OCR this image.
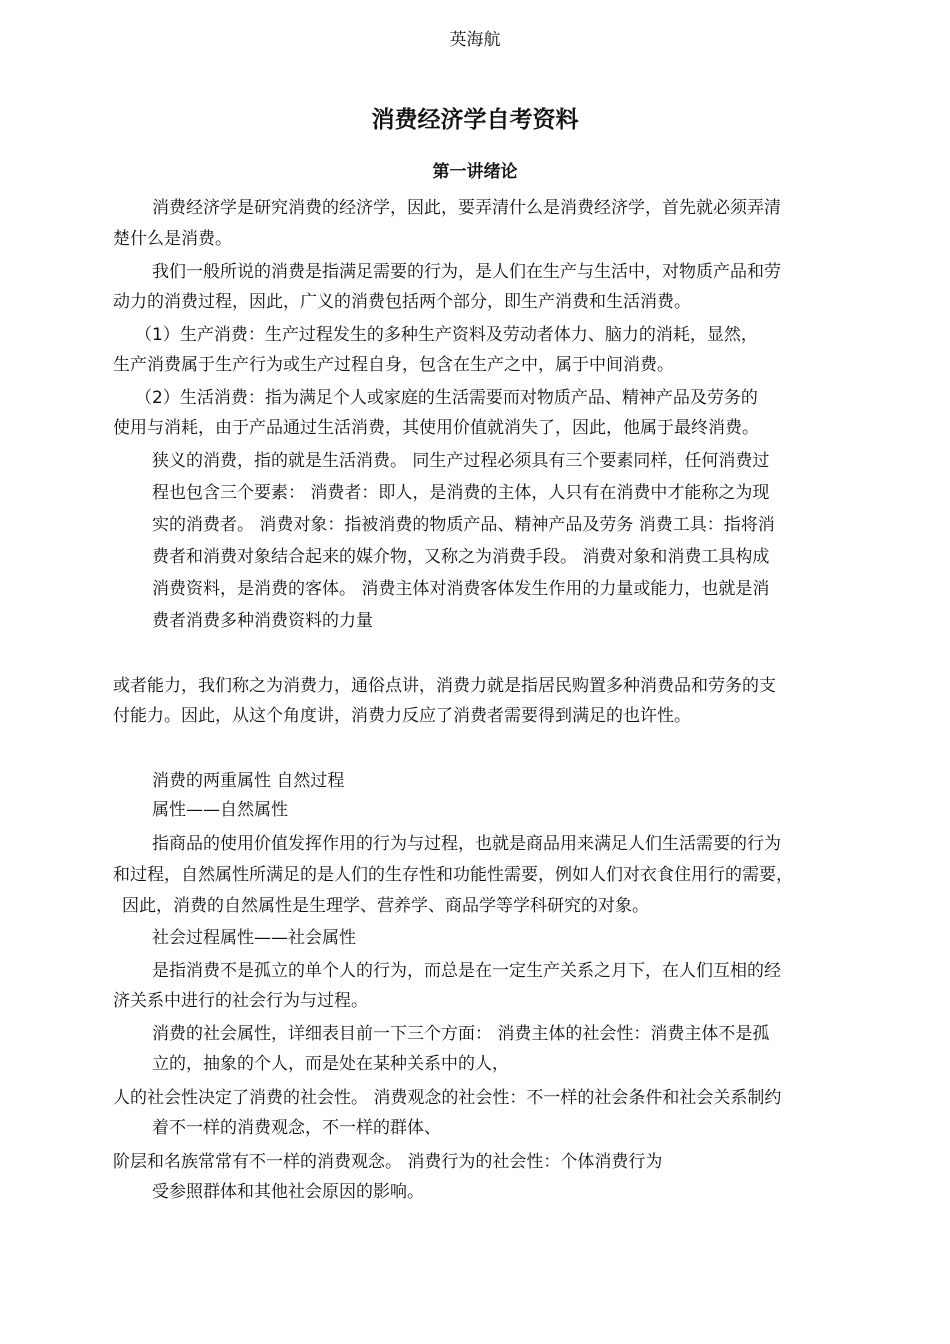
英海航
消费经济学自考资料
第一讲绪论
消费经济学是研究消费的经济学，因此，要弄清什么是消费经济学，首先就必须弄清
楚什么是消费。
我们一般所说的消费是指满足需要的行为，是人们在生产与生活中，对物质产品和劳
动力的消费过程，因此，广义的消费包括两个部分，即生产消费和生活消费。
（1）生产消费：生产过程发生的多种生产资料及劳动者体力、脑力的消耗，显然，
生产消费属于生产行为或生产过程自身，包含在生产之中，属于中间消费。
（2）生活消费：指为满足个人或家庭的生活需要而对物质产品、精神产品及劳务的
使用与消耗，由于产品通过生活消费，其使用价值就消失了，因此，他属于最终消费。
狭义的消费，指的就是生活消费。 同生产过程必须具有三个要素同样，任何消费过
程也包含三个要素： 消费者：即人，是消费的主体，人只有在消费中才能称之为现
实的消费者。 消费对象：指被消费的物质产品、精神产品及劳务 消费工具：指将消
费者和消费对象结合起来的媒介物，又称之为消费手段。 消费对象和消费工具构成
消费资料，是消费的客体。 消费主体对消费客体发生作用的力量或能力，也就是消
费者消费多种消费资料的力量
或者能力，我们称之为消费力，通俗点讲，消费力就是指居民购置多种消费品和劳务的支
付能力。因此，从这个角度讲，消费力反应了消费者需要得到满足的也许性。
消费的两重属性 自然过程
属性——自然属性
指商品的使用价值发挥作用的行为与过程，也就是商品用来满足人们生活需要的行为
和过程，自然属性所满足的是人们的生存性和功能性需要，例如人们对衣食住用行的需要，
因此，消费的自然属性是生理学、营养学、商品学等学科研究的对象。
社会过程属性——社会属性
是指消费不是孤立的单个人的行为，而总是在一定生产关系之月下，在人们互相的经
济关系中进行的社会行为与过程。
消费的社会属性，详细表目前一下三个方面： 消费主体的社会性：消费主体不是孤
立的，抽象的个人，而是处在某种关系中的人，
人的社会性决定了消费的社会性。 消费观念的社会性：不一样的社会条件和社会关系制约
着不一样的消费观念，不一样的群体、
阶层和名族常常有不一样的消费观念。 消费行为的社会性：个体消费行为
受参照群体和其他社会原因的影响。
